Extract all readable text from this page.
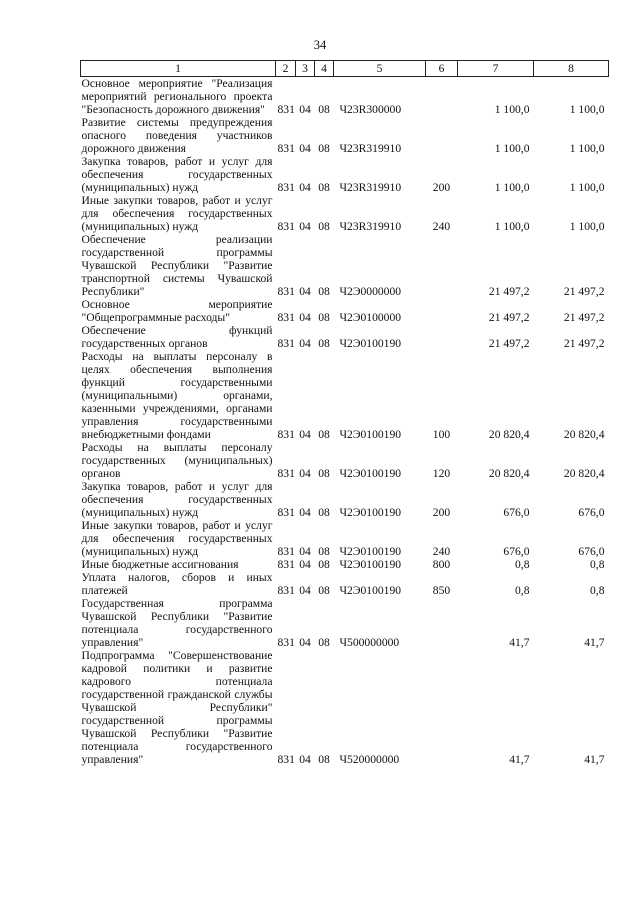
34
1	2	3	4	5	6	7	8
Основное мероприятие "Реализация мероприятий регионального проекта "Безопасность дорожного движения"	831	04	08	Ч23R300000		1 100,0	1 100,0
Развитие системы предупреждения опасного поведения участников дорожного движения	831	04	08	Ч23R319910		1 100,0	1 100,0
Закупка товаров, работ и услуг для обеспечения государственных (муниципальных) нужд	831	04	08	Ч23R319910	200	1 100,0	1 100,0
Иные закупки товаров, работ и услуг для обеспечения государственных (муниципальных) нужд	831	04	08	Ч23R319910	240	1 100,0	1 100,0
Обеспечение реализации государственной программы Чувашской Республики "Развитие транспортной системы Чувашской Республики"	831	04	08	Ч2Э0000000		21 497,2	21 497,2
Основное мероприятие "Общепрограммные расходы"	831	04	08	Ч2Э0100000		21 497,2	21 497,2
Обеспечение функций государственных органов	831	04	08	Ч2Э0100190		21 497,2	21 497,2
Расходы на выплаты персоналу в целях обеспечения выполнения функций государственными (муниципальными) органами, казенными учреждениями, органами управления государственными внебюджетными фондами	831	04	08	Ч2Э0100190	100	20 820,4	20 820,4
Расходы на выплаты персоналу государственных (муниципальных) органов	831	04	08	Ч2Э0100190	120	20 820,4	20 820,4
Закупка товаров, работ и услуг для обеспечения государственных (муниципальных) нужд	831	04	08	Ч2Э0100190	200	676,0	676,0
Иные закупки товаров, работ и услуг для обеспечения государственных (муниципальных) нужд	831	04	08	Ч2Э0100190	240	676,0	676,0
Иные бюджетные ассигнования	831	04	08	Ч2Э0100190	800	0,8	0,8
Уплата налогов, сборов и иных платежей	831	04	08	Ч2Э0100190	850	0,8	0,8
Государственная программа Чувашской Республики "Развитие потенциала государственного управления"	831	04	08	Ч500000000		41,7	41,7
Подпрограмма "Совершенствование кадровой политики и развитие кадрового потенциала государственной гражданской службы Чувашской Республики" государственной программы Чувашской Республики "Развитие потенциала государственного управления"	831	04	08	Ч520000000		41,7	41,7
